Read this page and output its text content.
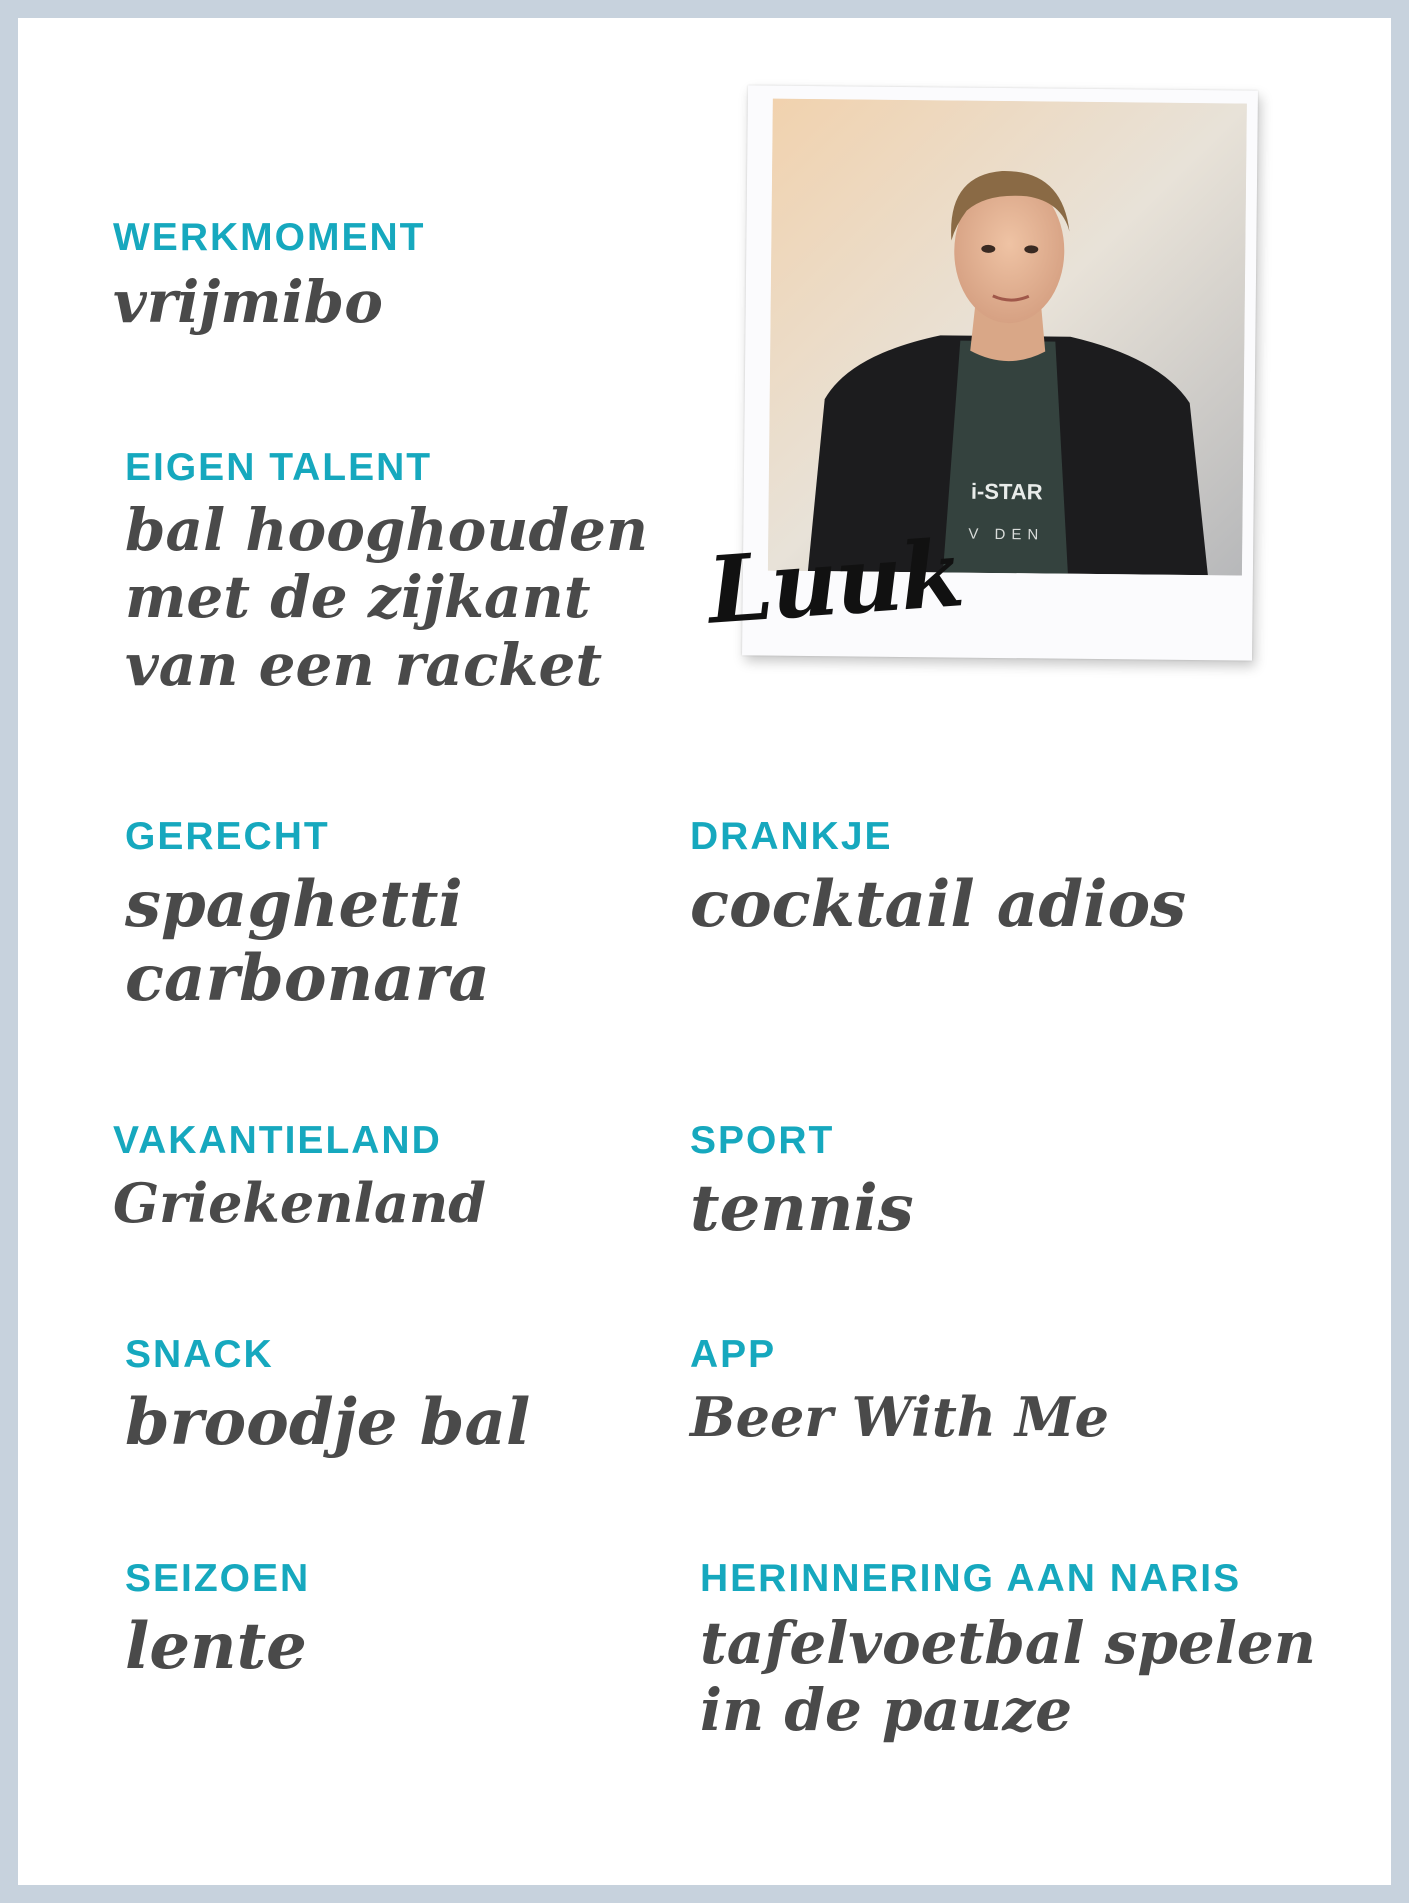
i-STAR
V DEN
Luuk
WERKMOMENT
vrijmibo
EIGEN TALENT
bal hooghouden
met de zijkant
van een racket
GERECHT
spaghetti
carbonara
DRANKJE
cocktail adios
VAKANTIELAND
Griekenland
SPORT
tennis
SNACK
broodje bal
APP
Beer With Me
SEIZOEN
lente
HERINNERING AAN NARIS
tafelvoetbal spelen
in de pauze
